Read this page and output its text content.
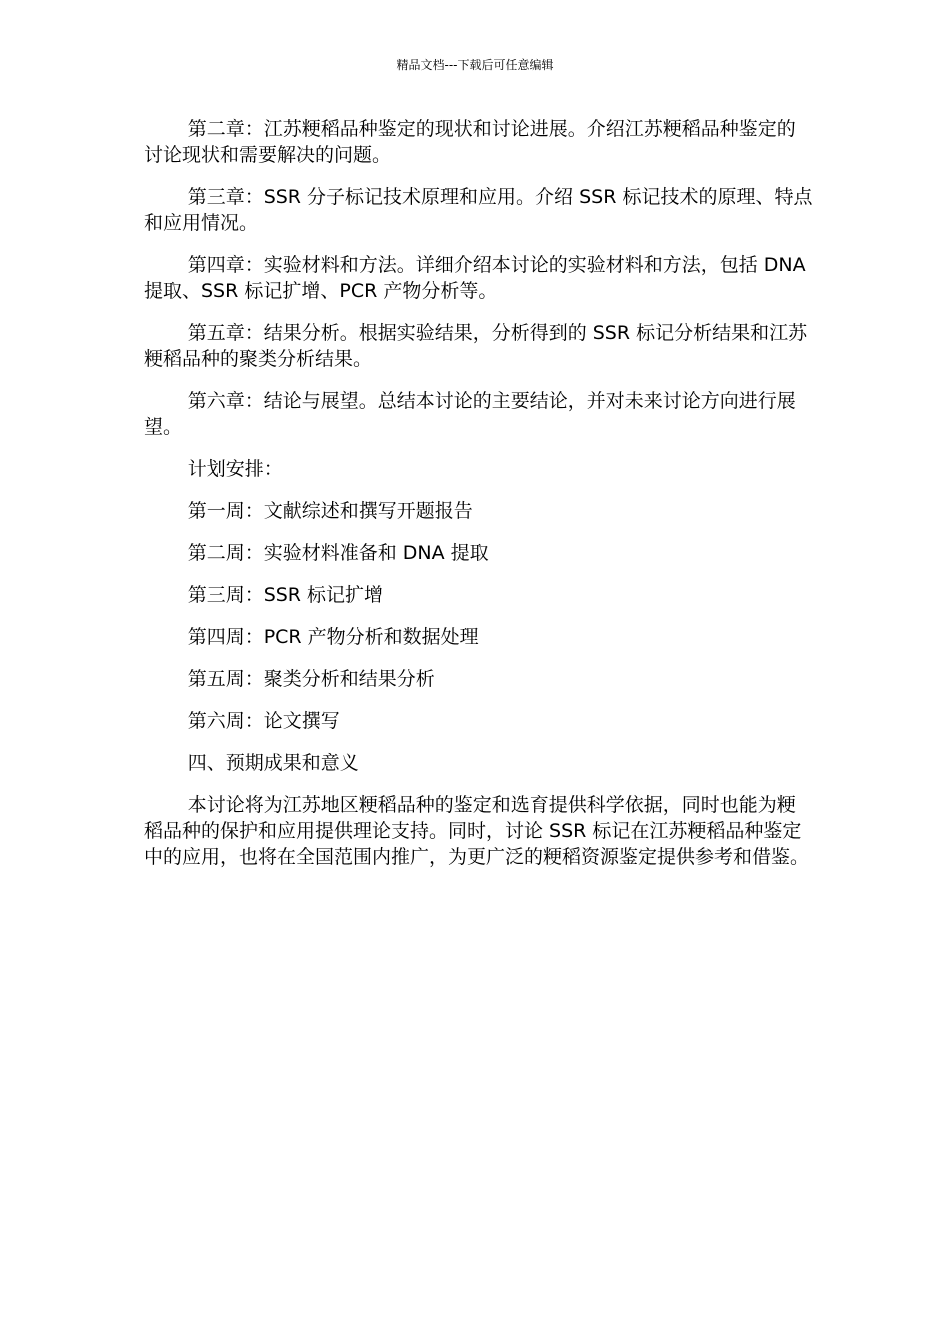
精品文档---下载后可任意编辑

第二章：江苏粳稻品种鉴定的现状和讨论进展。介绍江苏粳稻品种鉴定的讨论现状和需要解决的问题。

第三章：SSR 分子标记技术原理和应用。介绍 SSR 标记技术的原理、特点和应用情况。

第四章：实验材料和方法。详细介绍本讨论的实验材料和方法，包括 DNA 提取、SSR 标记扩增、PCR 产物分析等。

第五章：结果分析。根据实验结果，分析得到的 SSR 标记分析结果和江苏粳稻品种的聚类分析结果。

第六章：结论与展望。总结本讨论的主要结论，并对未来讨论方向进行展望。

计划安排：

第一周：文献综述和撰写开题报告

第二周：实验材料准备和 DNA 提取

第三周：SSR 标记扩增

第四周：PCR 产物分析和数据处理

第五周：聚类分析和结果分析

第六周：论文撰写

四、预期成果和意义

本讨论将为江苏地区粳稻品种的鉴定和选育提供科学依据，同时也能为粳稻品种的保护和应用提供理论支持。同时，讨论 SSR 标记在江苏粳稻品种鉴定中的应用，也将在全国范围内推广，为更广泛的粳稻资源鉴定提供参考和借鉴。
